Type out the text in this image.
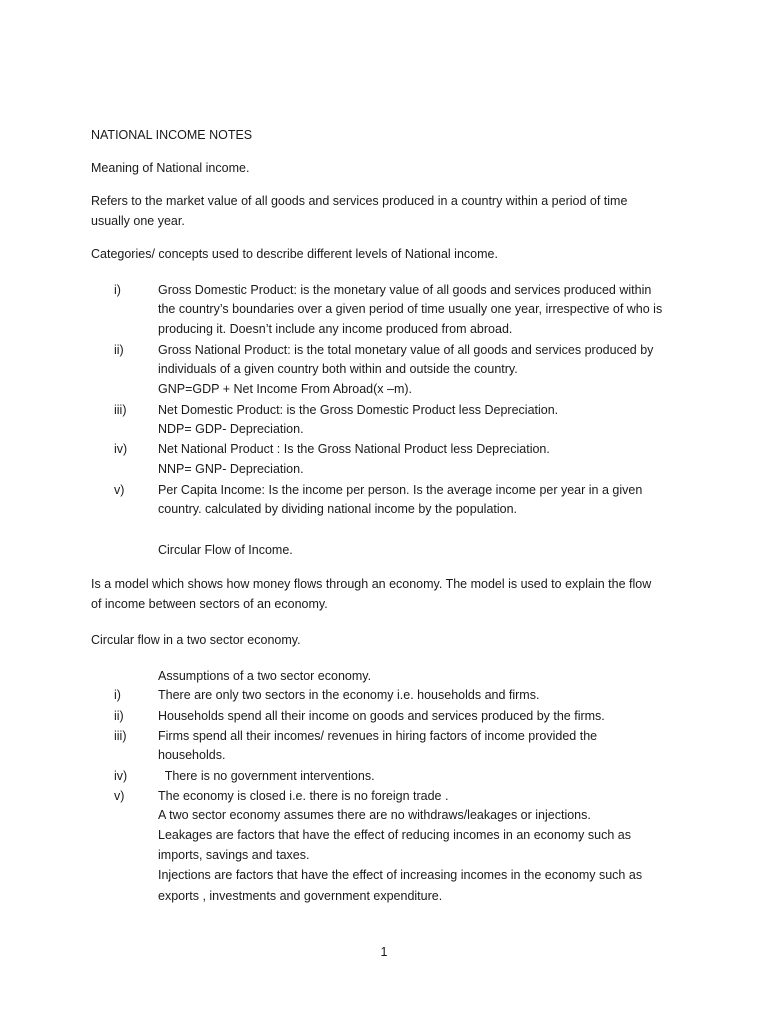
NATIONAL INCOME NOTES
Meaning of National income.
Refers to the market value of all goods and services produced in a country within a period of time
usually one year.
Categories/ concepts used to describe different levels of National income.
i)	Gross Domestic Product: is the monetary value of all goods and services produced within
the country’s boundaries over a given period of time usually one year, irrespective of who is
producing it. Doesn’t include any income produced from abroad.
ii)	Gross National Product: is the total monetary value of all goods and services produced by
individuals of a given country both within and outside the country.
GNP=GDP + Net Income From Abroad(x –m).
iii)	Net Domestic Product: is the Gross Domestic Product less Depreciation.
NDP= GDP- Depreciation.
iv) Net National Product : Is the Gross National Product less Depreciation.
NNP= GNP- Depreciation.
v)	Per Capita Income: Is the income per person. Is the average income per year in a given
country. calculated by dividing national income by the population.
Circular Flow of Income.
Is a model which shows how money flows through an economy. The model is used to explain the flow
of income between sectors of an economy.
Circular flow in a two sector economy.
Assumptions of a two sector economy.
i)	There are only two sectors in the economy i.e. households and firms.
ii)	Households spend all their income on goods and services produced by the firms.
iii)	Firms spend all their incomes/ revenues in hiring factors of income provided the
households.
iv) There is no government interventions.
v)	The economy is closed i.e. there is no foreign trade .
A two sector economy assumes there are no withdraws/leakages or injections.
Leakages are factors that have the effect of reducing incomes in an economy such as
imports, savings and taxes.
Injections are factors that have the effect of increasing incomes in the economy such as
exports , investments and government expenditure.
1
